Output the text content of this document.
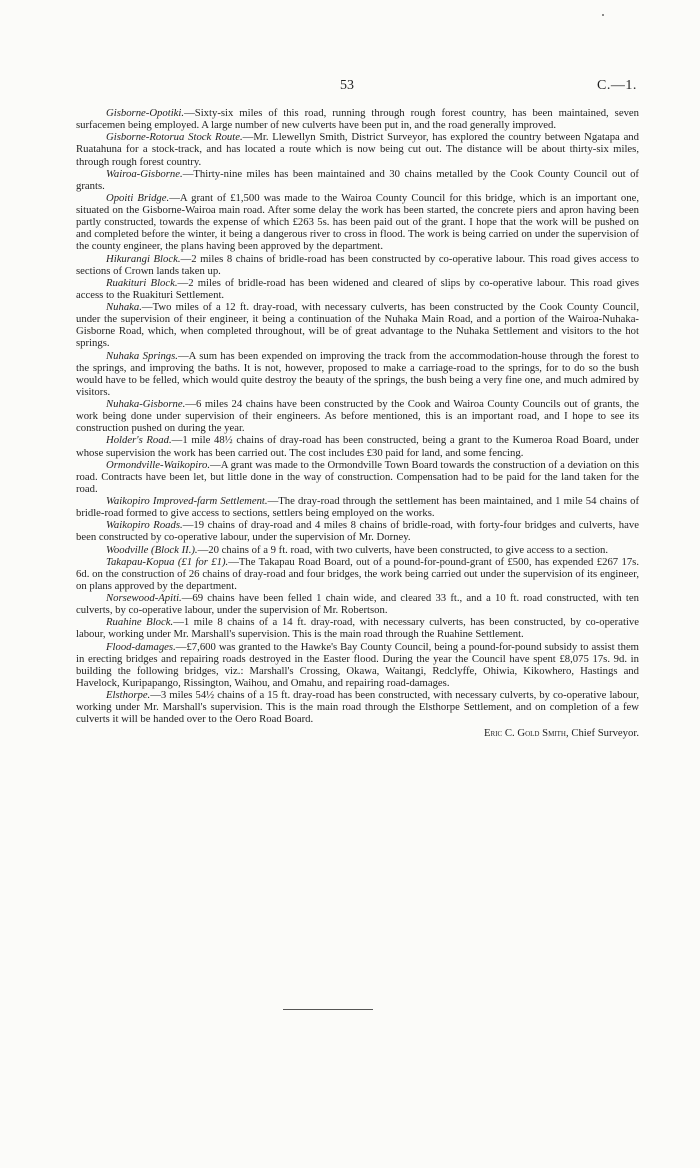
53	C.—1.

Gisborne-Opotiki.—Sixty-six miles of this road, running through rough forest country, has been maintained, seven surfacemen being employed. A large number of new culverts have been put in, and the road generally improved.

Gisborne-Rotorua Stock Route.—Mr. Llewellyn Smith, District Surveyor, has explored the country between Ngatapa and Ruatahuna for a stock-track, and has located a route which is now being cut out. The distance will be about thirty-six miles, through rough forest country.

Wairoa-Gisborne.—Thirty-nine miles has been maintained and 30 chains metalled by the Cook County Council out of grants.

Opoiti Bridge.—A grant of £1,500 was made to the Wairoa County Council for this bridge, which is an important one, situated on the Gisborne-Wairoa main road. After some delay the work has been started, the concrete piers and apron having been partly constructed, towards the expense of which £263 5s. has been paid out of the grant. I hope that the work will be pushed on and completed before the winter, it being a dangerous river to cross in flood. The work is being carried on under the supervision of the county engineer, the plans having been approved by the department.

Hikurangi Block.—2 miles 8 chains of bridle-road has been constructed by co-operative labour. This road gives access to sections of Crown lands taken up.

Ruakituri Block.—2 miles of bridle-road has been widened and cleared of slips by co-operative labour. This road gives access to the Ruakituri Settlement.

Nuhaka.—Two miles of a 12 ft. dray-road, with necessary culverts, has been constructed by the Cook County Council, under the supervision of their engineer, it being a continuation of the Nuhaka Main Road, and a portion of the Wairoa-Nuhaka-Gisborne Road, which, when completed throughout, will be of great advantage to the Nuhaka Settlement and visitors to the hot springs.

Nuhaka Springs.—A sum has been expended on improving the track from the accommodation-house through the forest to the springs, and improving the baths. It is not, however, proposed to make a carriage-road to the springs, for to do so the bush would have to be felled, which would quite destroy the beauty of the springs, the bush being a very fine one, and much admired by visitors.

Nuhaka-Gisborne.—6 miles 24 chains have been constructed by the Cook and Wairoa County Councils out of grants, the work being done under supervision of their engineers. As before mentioned, this is an important road, and I hope to see its construction pushed on during the year.

Holder's Road.—1 mile 48½ chains of dray-road has been constructed, being a grant to the Kumeroa Road Board, under whose supervision the work has been carried out. The cost includes £30 paid for land, and some fencing.

Ormondville-Waikopiro.—A grant was made to the Ormondville Town Board towards the construction of a deviation on this road. Contracts have been let, but little done in the way of construction. Compensation had to be paid for the land taken for the road.

Waikopiro Improved-farm Settlement.—The dray-road through the settlement has been maintained, and 1 mile 54 chains of bridle-road formed to give access to sections, settlers being employed on the works.

Waikopiro Roads.—19 chains of dray-road and 4 miles 8 chains of bridle-road, with forty-four bridges and culverts, have been constructed by co-operative labour, under the supervision of Mr. Dorney.

Woodville (Block II.).—20 chains of a 9 ft. road, with two culverts, have been constructed, to give access to a section.

Takapau-Kopua (£1 for £1).—The Takapau Road Board, out of a pound-for-pound-grant of £500, has expended £267 17s. 6d. on the construction of 26 chains of dray-road and four bridges, the work being carried out under the supervision of its engineer, on plans approved by the department.

Norsewood-Apiti.—69 chains have been felled 1 chain wide, and cleared 33 ft., and a 10 ft. road constructed, with ten culverts, by co-operative labour, under the supervision of Mr. Robertson.

Ruahine Block.—1 mile 8 chains of a 14 ft. dray-road, with necessary culverts, has been constructed, by co-operative labour, working under Mr. Marshall's supervision. This is the main road through the Ruahine Settlement.

Flood-damages.—£7,600 was granted to the Hawke's Bay County Council, being a pound-for-pound subsidy to assist them in erecting bridges and repairing roads destroyed in the Easter flood. During the year the Council have spent £8,075 17s. 9d. in building the following bridges, viz.: Marshall's Crossing, Okawa, Waitangi, Redclyffe, Ohiwia, Kikowhero, Hastings and Havelock, Kuripapango, Rissington, Waihou, and Omahu, and repairing road-damages.

Elsthorpe.—3 miles 54½ chains of a 15 ft. dray-road has been constructed, with necessary culverts, by co-operative labour, working under Mr. Marshall's supervision. This is the main road through the Elsthorpe Settlement, and on completion of a few culverts it will be handed over to the Oero Road Board.

Eric C. Gold Smith, Chief Surveyor.
